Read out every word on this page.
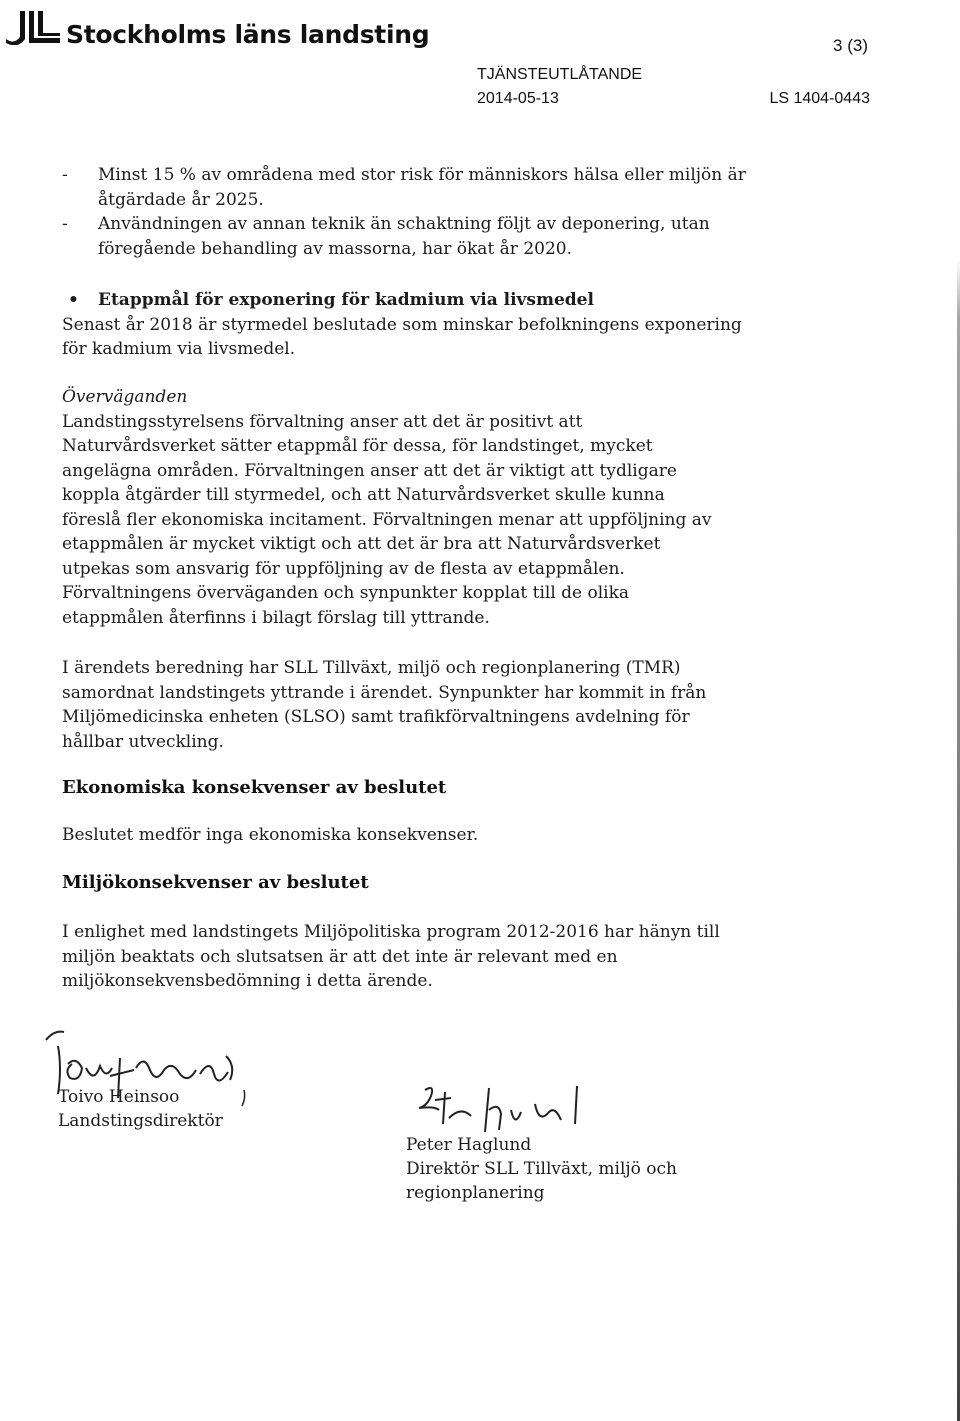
Stockholms läns landsting	3 (3)
TJÄNSTEUTLÅTANDE
2014-05-13	LS 1404-0443
- Minst 15 % av områdena med stor risk för människors hälsa eller miljön är åtgärdade år 2025.
- Användningen av annan teknik än schaktning följt av deponering, utan föregående behandling av massorna, har ökat år 2020.
• Etappmål för exponering för kadmium via livsmedel
Senast år 2018 är styrmedel beslutade som minskar befolkningens exponering för kadmium via livsmedel.
Överväganden
Landstingsstyrelsens förvaltning anser att det är positivt att Naturvårdsverket sätter etappmål för dessa, för landstinget, mycket angelägna områden. Förvaltningen anser att det är viktigt att tydligare koppla åtgärder till styrmedel, och att Naturvårdsverket skulle kunna föreslå fler ekonomiska incitament. Förvaltningen menar att uppföljning av etappmålen är mycket viktigt och att det är bra att Naturvårdsverket utpekas som ansvarig för uppföljning av de flesta av etappmålen. Förvaltningens överväganden och synpunkter kopplat till de olika etappmålen återfinns i bilagt förslag till yttrande.
I ärendets beredning har SLL Tillväxt, miljö och regionplanering (TMR) samordnat landstingets yttrande i ärendet. Synpunkter har kommit in från Miljömedicinska enheten (SLSO) samt trafikförvaltningens avdelning för hållbar utveckling.
Ekonomiska konsekvenser av beslutet
Beslutet medför inga ekonomiska konsekvenser.
Miljökonsekvenser av beslutet
I enlighet med landstingets Miljöpolitiska program 2012-2016 har hänyn till miljön beaktats och slutsatsen är att det inte är relevant med en miljökonsekvensbedömning i detta ärende.
Toivo Heinsoo
Landstingsdirektör
Peter Haglund
Direktör SLL Tillväxt, miljö och
regionplanering
